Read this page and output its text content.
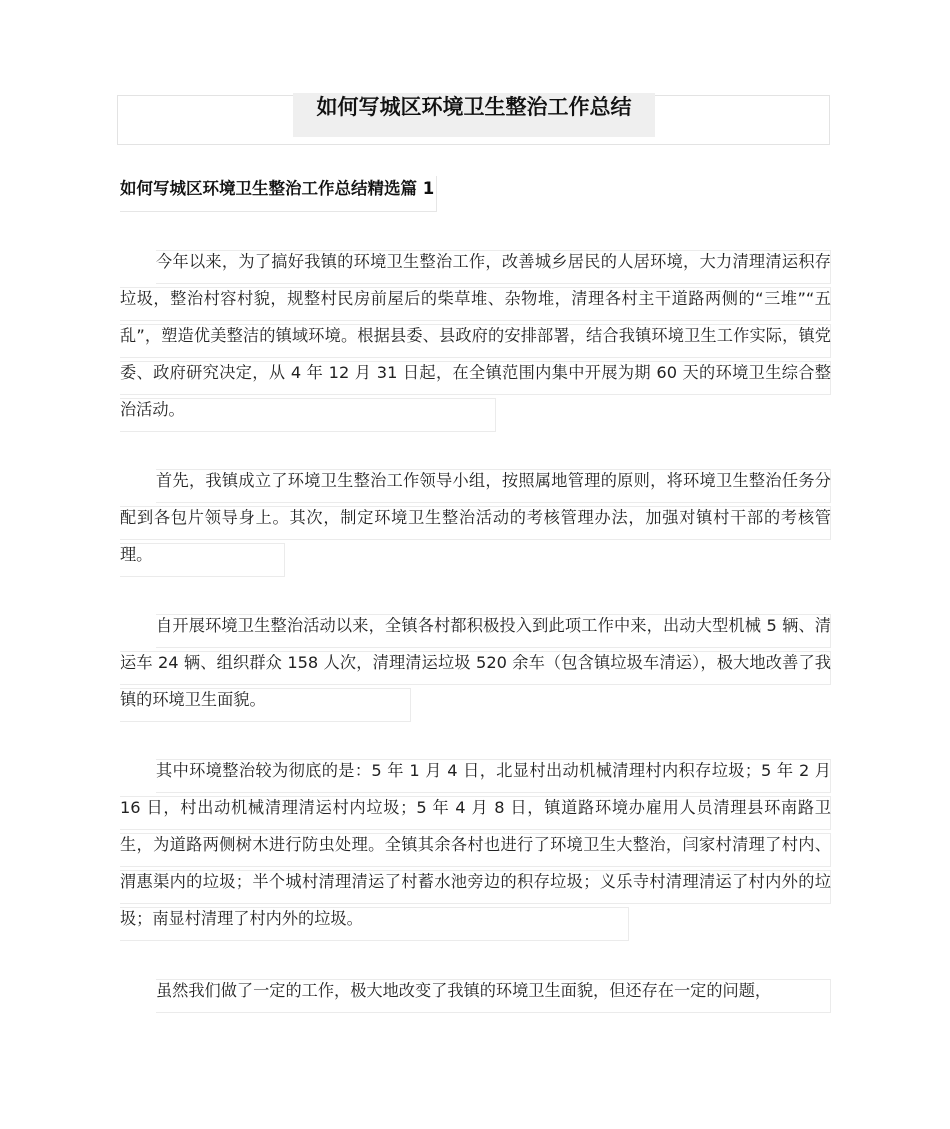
如何写城区环境卫生整治工作总结
如何写城区环境卫生整治工作总结精选篇 1

今年以来，为了搞好我镇的环境卫生整治工作，改善城乡居民的人居环境，大力清理清运积存垃圾，整治村容村貌，规整村民房前屋后的柴草堆、杂物堆，清理各村主干道路两侧的“三堆”“五乱”，塑造优美整洁的镇域环境。根据县委、县政府的安排部署，结合我镇环境卫生工作实际，镇党委、政府研究决定，从 4 年 12 月 31 日起，在全镇范围内集中开展为期 60 天的环境卫生综合整治活动。

首先，我镇成立了环境卫生整治工作领导小组，按照属地管理的原则，将环境卫生整治任务分配到各包片领导身上。其次，制定环境卫生整治活动的考核管理办法，加强对镇村干部的考核管理。

自开展环境卫生整治活动以来，全镇各村都积极投入到此项工作中来，出动大型机械 5 辆、清运车 24 辆、组织群众 158 人次，清理清运垃圾 520 余车（包含镇垃圾车清运），极大地改善了我镇的环境卫生面貌。

其中环境整治较为彻底的是：5 年 1 月 4 日，北显村出动机械清理村内积存垃圾；5 年 2 月 16 日，村出动机械清理清运村内垃圾；5 年 4 月 8 日，镇道路环境办雇用人员清理县环南路卫生，为道路两侧树木进行防虫处理。全镇其余各村也进行了环境卫生大整治，闫家村清理了村内、渭惠渠内的垃圾；半个城村清理清运了村蓄水池旁边的积存垃圾；义乐寺村清理清运了村内外的垃圾；南显村清理了村内外的垃圾。

虽然我们做了一定的工作，极大地改变了我镇的环境卫生面貌，但还存在一定的问题，
